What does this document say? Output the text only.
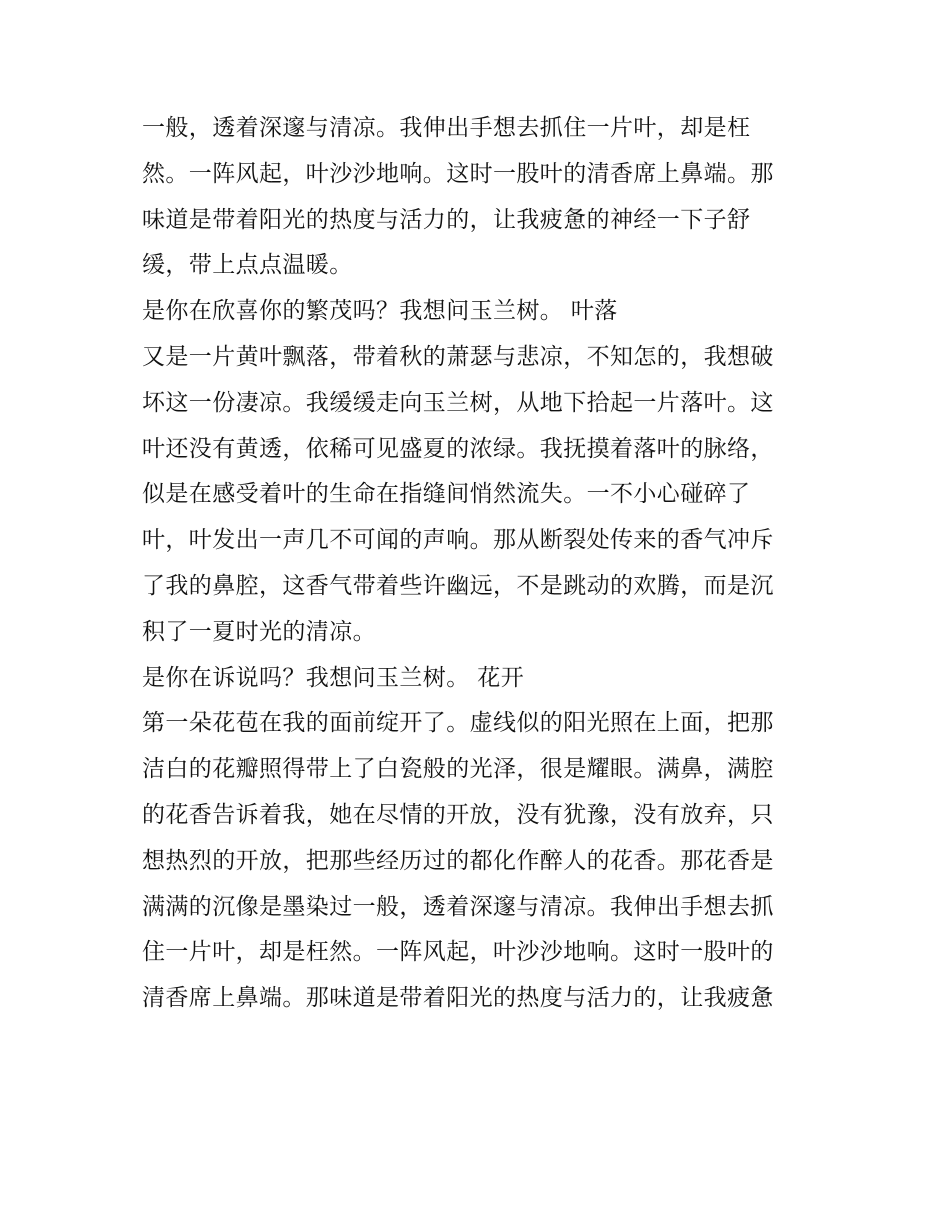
一般，透着深邃与清凉。我伸出手想去抓住一片叶，却是枉
然。一阵风起，叶沙沙地响。这时一股叶的清香席上鼻端。那
味道是带着阳光的热度与活力的，让我疲惫的神经一下子舒
缓，带上点点温暖。
是你在欣喜你的繁茂吗？我想问玉兰树。 叶落
又是一片黄叶飘落，带着秋的萧瑟与悲凉，不知怎的，我想破
坏这一份凄凉。我缓缓走向玉兰树，从地下拾起一片落叶。这
叶还没有黄透，依稀可见盛夏的浓绿。我抚摸着落叶的脉络，
似是在感受着叶的生命在指缝间悄然流失。一不小心碰碎了
叶，叶发出一声几不可闻的声响。那从断裂处传来的香气冲斥
了我的鼻腔，这香气带着些许幽远，不是跳动的欢腾，而是沉
积了一夏时光的清凉。
是你在诉说吗？我想问玉兰树。 花开
第一朵花苞在我的面前绽开了。虚线似的阳光照在上面，把那
洁白的花瓣照得带上了白瓷般的光泽，很是耀眼。满鼻，满腔
的花香告诉着我，她在尽情的开放，没有犹豫，没有放弃，只
想热烈的开放，把那些经历过的都化作醉人的花香。那花香是
满满的沉像是墨染过一般，透着深邃与清凉。我伸出手想去抓
住一片叶，却是枉然。一阵风起，叶沙沙地响。这时一股叶的
清香席上鼻端。那味道是带着阳光的热度与活力的，让我疲惫
